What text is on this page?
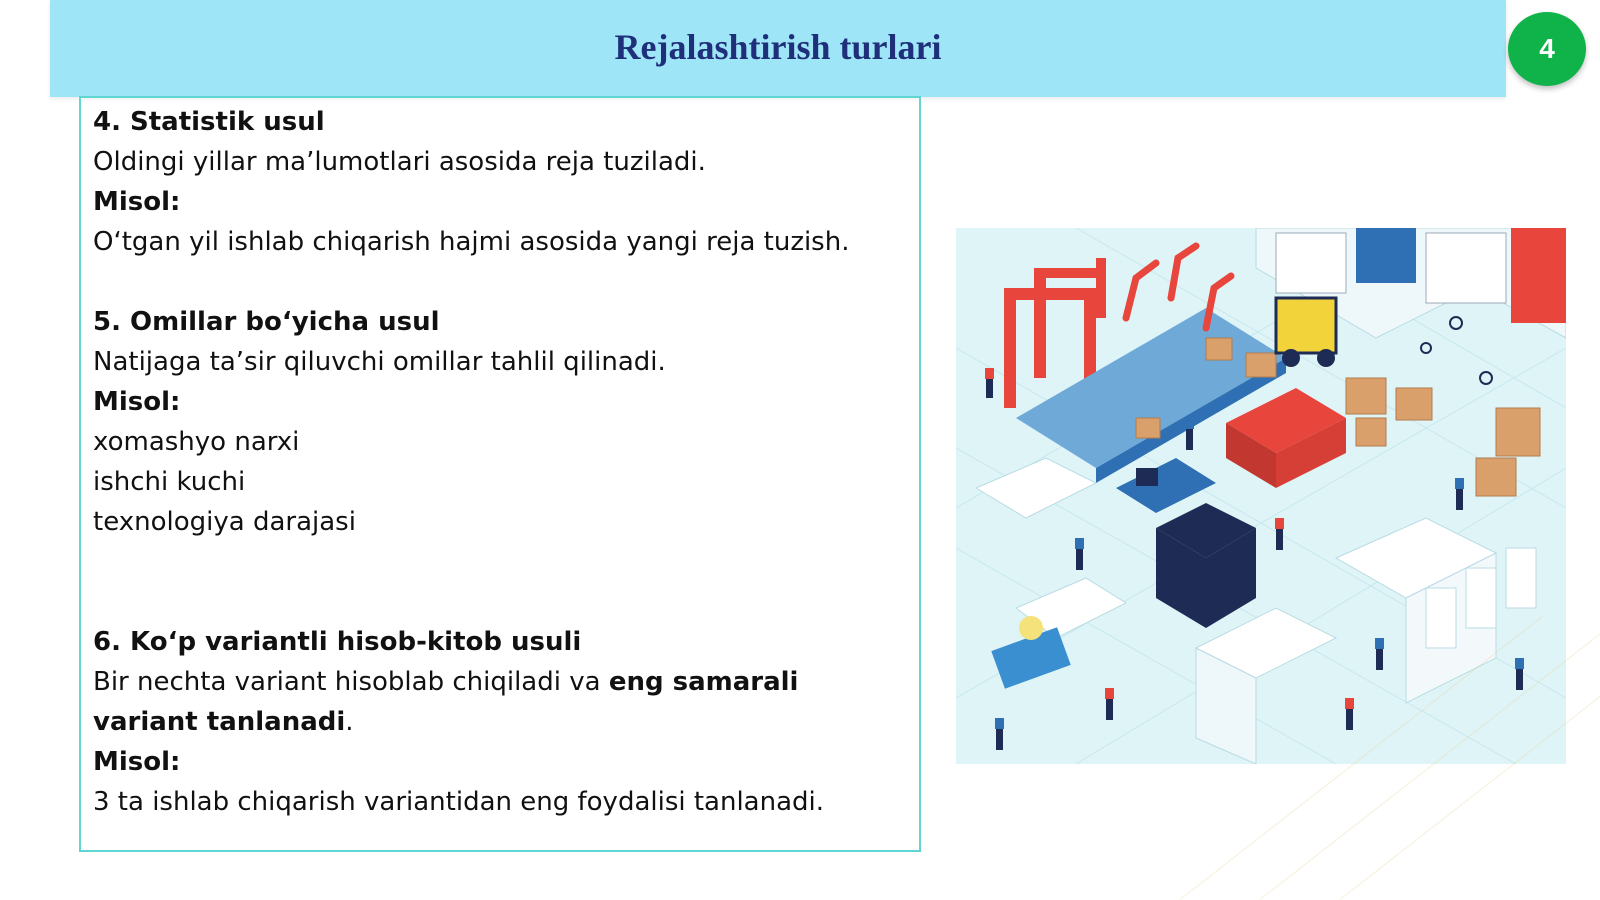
Rejalashtirish turlari	4

4. Statistik usul

Oldingi yillar ma’lumotlari asosida reja tuziladi.

Misol:

O‘tgan yil ishlab chiqarish hajmi asosida yangi reja tuzish.

5. Omillar bo‘yicha usul

Natijaga ta’sir qiluvchi omillar tahlil qilinadi.

Misol:

xomashyo narxi

ishchi kuchi

texnologiya darajasi

6. Ko‘p variantli hisob-kitob usuli

Bir nechta variant hisoblab chiqiladi va eng samarali variant tanlanadi.

Misol:

3 ta ishlab chiqarish variantidan eng foydalisi tanlanadi.
